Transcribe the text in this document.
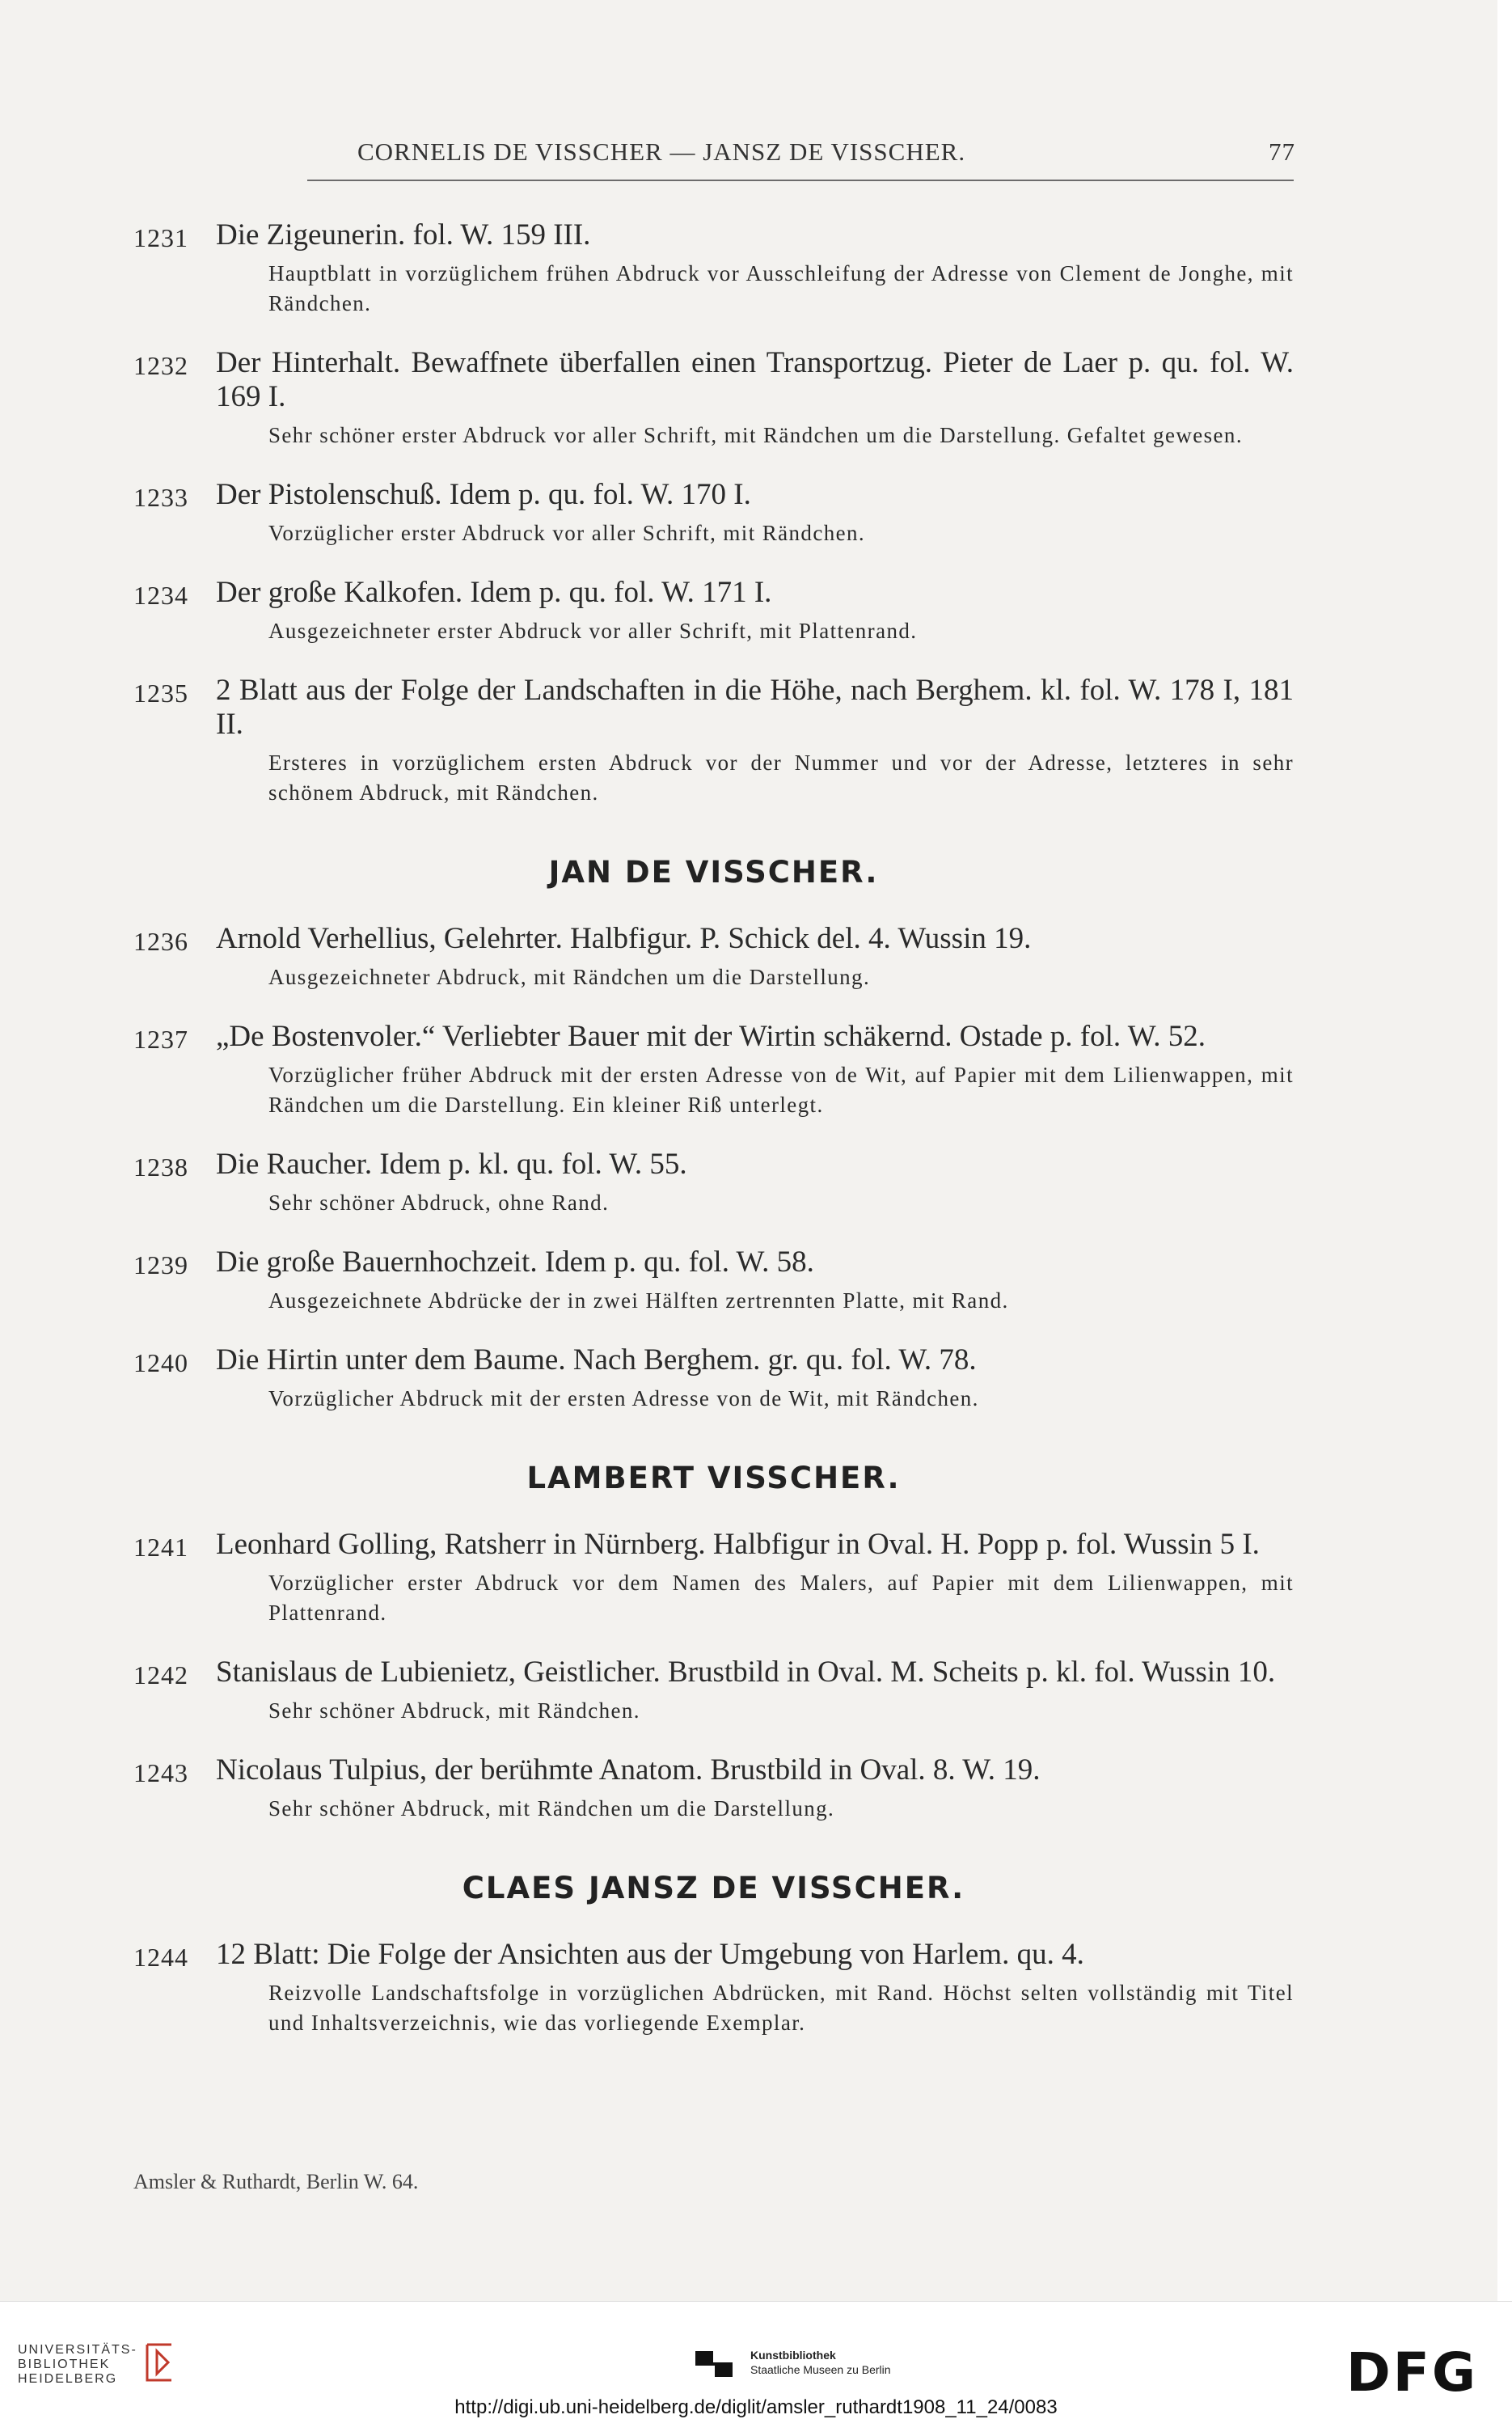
CORNELIS DE VISSCHER — JANSZ DE VISSCHER.	77
1231 Die Zigeunerin. fol. W. 159 III.
Hauptblatt in vorzüglichem frühen Abdruck vor Ausschleifung der Adresse von Clement de Jonghe, mit Rändchen.
1232 Der Hinterhalt. Bewaffnete überfallen einen Transportzug. Pieter de Laer p. qu. fol. W. 169 I.
Sehr schöner erster Abdruck vor aller Schrift, mit Rändchen um die Darstellung. Gefaltet gewesen.
1233 Der Pistolenschuß. Idem p. qu. fol. W. 170 I.
Vorzüglicher erster Abdruck vor aller Schrift, mit Rändchen.
1234 Der große Kalkofen. Idem p. qu. fol. W. 171 I.
Ausgezeichneter erster Abdruck vor aller Schrift, mit Plattenrand.
1235 2 Blatt aus der Folge der Landschaften in die Höhe, nach Berghem. kl. fol. W. 178 I, 181 II.
Ersteres in vorzüglichem ersten Abdruck vor der Nummer und vor der Adresse, letzteres in sehr schönem Abdruck, mit Rändchen.
JAN DE VISSCHER.
1236 Arnold Verhellius, Gelehrter. Halbfigur. P. Schick del. 4. Wussin 19.
Ausgezeichneter Abdruck, mit Rändchen um die Darstellung.
1237 „De Bostenvoler.“ Verliebter Bauer mit der Wirtin schäkernd. Ostade p. fol. W. 52.
Vorzüglicher früher Abdruck mit der ersten Adresse von de Wit, auf Papier mit dem Lilienwappen, mit Rändchen um die Darstellung. Ein kleiner Riß unterlegt.
1238 Die Raucher. Idem p. kl. qu. fol. W. 55.
Sehr schöner Abdruck, ohne Rand.
1239 Die große Bauernhochzeit. Idem p. qu. fol. W. 58.
Ausgezeichnete Abdrücke der in zwei Hälften zertrennten Platte, mit Rand.
1240 Die Hirtin unter dem Baume. Nach Berghem. gr. qu. fol. W. 78.
Vorzüglicher Abdruck mit der ersten Adresse von de Wit, mit Rändchen.
LAMBERT VISSCHER.
1241 Leonhard Golling, Ratsherr in Nürnberg. Halbfigur in Oval. H. Popp p. fol. Wussin 5 I.
Vorzüglicher erster Abdruck vor dem Namen des Malers, auf Papier mit dem Lilienwappen, mit Plattenrand.
1242 Stanislaus de Lubienietz, Geistlicher. Brustbild in Oval. M. Scheits p. kl. fol. Wussin 10.
Sehr schöner Abdruck, mit Rändchen.
1243 Nicolaus Tulpius, der berühmte Anatom. Brustbild in Oval. 8. W. 19.
Sehr schöner Abdruck, mit Rändchen um die Darstellung.
CLAES JANSZ DE VISSCHER.
1244 12 Blatt: Die Folge der Ansichten aus der Umgebung von Harlem. qu. 4.
Reizvolle Landschaftsfolge in vorzüglichen Abdrücken, mit Rand. Höchst selten vollständig mit Titel und Inhaltsverzeichnis, wie das vorliegende Exemplar.
Amsler & Ruthardt, Berlin W. 64.
UNIVERSITÄTS-
BIBLIOTHEK
HEIDELBERG
Kunstbibliothek
Staatliche Museen zu Berlin	DFG
http://digi.ub.uni-heidelberg.de/diglit/amsler_ruthardt1908_11_24/0083
